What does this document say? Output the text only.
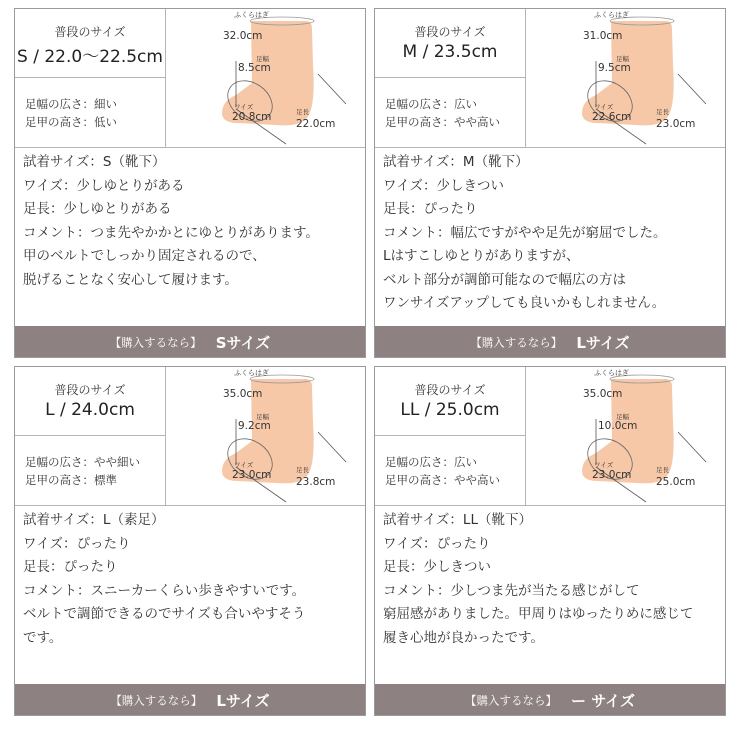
普段のサイズ
S / 22.0〜22.5cm
足幅の広さ：細い
足甲の高さ：低い
ふくらはぎ
32.0cm
足幅
8.5cm
ワイズ
20.8cm	足長
22.0cm
試着サイズ：S（靴下）
ワイズ：少しゆとりがある
足長：少しゆとりがある
コメント：つま先やかかとにゆとりがあります。
甲のベルトでしっかり固定されるので、
脱げることなく安心して履けます。
【購入するなら】 Sサイズ
普段のサイズ
M / 23.5cm
足幅の広さ：広い
足甲の高さ：やや高い
ふくらはぎ
31.0cm
足幅
9.5cm
ワイズ
22.6cm	足長
23.0cm
試着サイズ：M（靴下）
ワイズ：少しきつい
足長：ぴったり
コメント：幅広ですがやや足先が窮屈でした。
Lはすこしゆとりがありますが、
ベルト部分が調節可能なので幅広の方は
ワンサイズアップしても良いかもしれません。
【購入するなら】 Lサイズ
普段のサイズ
L / 24.0cm
足幅の広さ：やや細い
足甲の高さ：標準
ふくらはぎ
35.0cm
足幅
9.2cm
ワイズ
23.0cm	足長
23.8cm
試着サイズ：L（素足）
ワイズ：ぴったり
足長：ぴったり
コメント：スニーカーくらい歩きやすいです。
ベルトで調節できるのでサイズも合いやすそう
です。
【購入するなら】 Lサイズ
普段のサイズ
LL / 25.0cm
足幅の広さ：広い
足甲の高さ：やや高い
ふくらはぎ
35.0cm
足幅
10.0cm
ワイズ
23.0cm	足長
25.0cm
試着サイズ：LL（靴下）
ワイズ：ぴったり
足長：少しきつい
コメント：少しつま先が当たる感じがして
窮屈感がありました。甲周りはゆったりめに感じて
履き心地が良かったです。
【購入するなら】 ー サイズ
